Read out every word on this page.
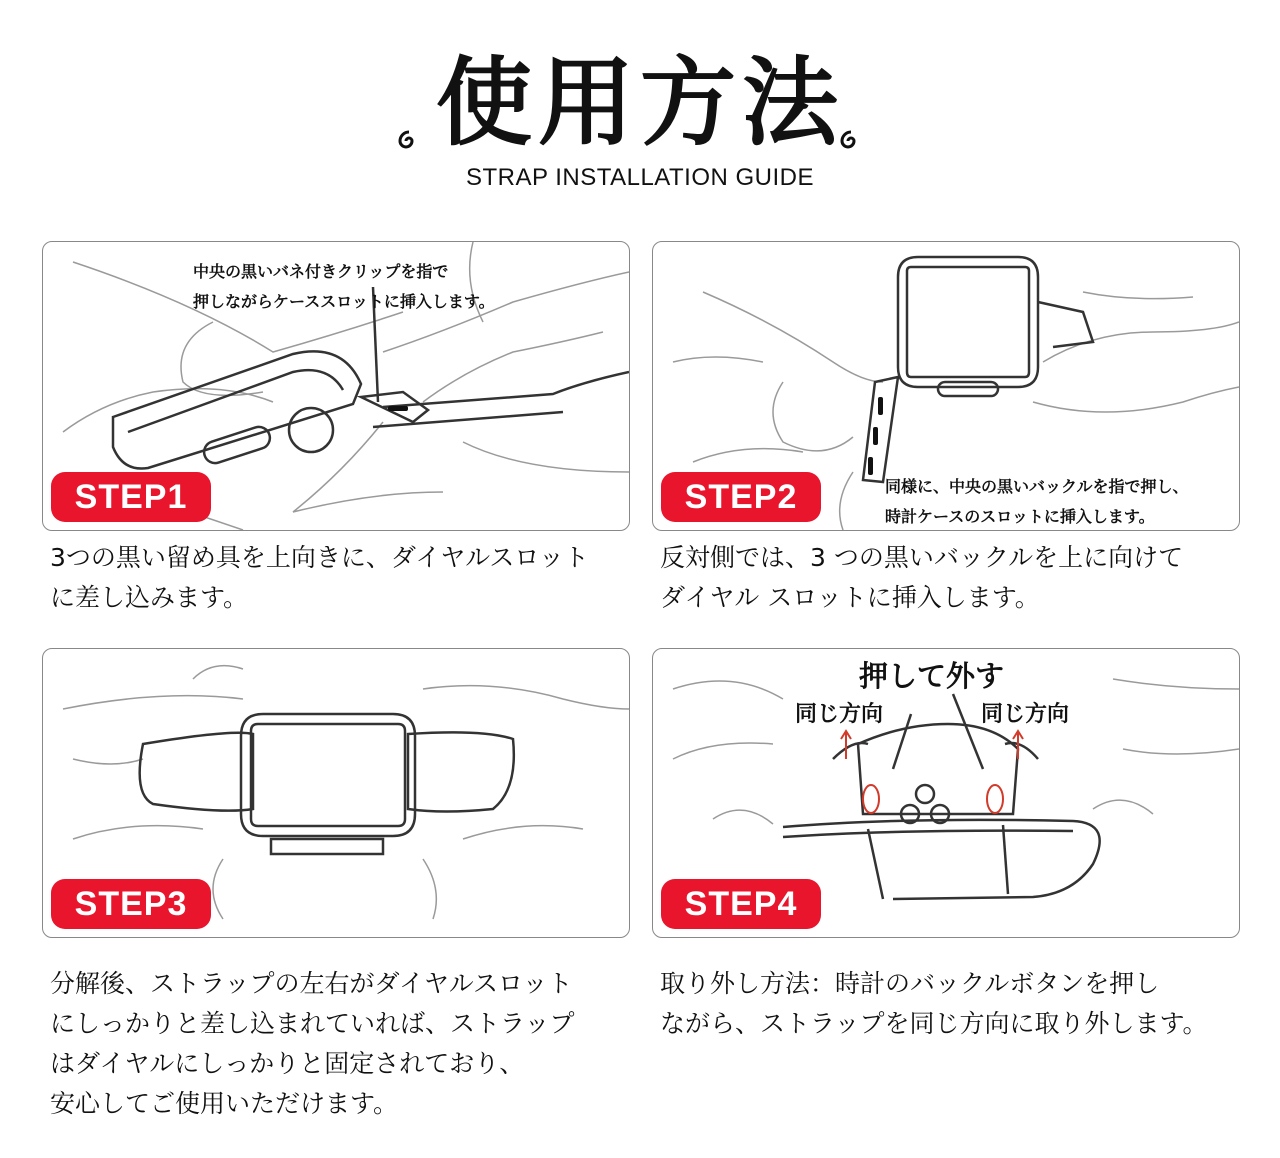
使用方法
STRAP INSTALLATION GUIDE
中央の黒いバネ付きクリップを指で
押しながらケーススロットに挿入します。
STEP1
3つの黒い留め具を上向きに、ダイヤルスロット
に差し込みます。
同様に、中央の黒いバックルを指で押し、
時計ケースのスロットに挿入します。
STEP2
反対側では、3 つの黒いバックルを上に向けて
ダイヤル スロットに挿入します。
STEP3
分解後、ストラップの左右がダイヤルスロット
にしっかりと差し込まれていれば、ストラップ
はダイヤルにしっかりと固定されており、
安心してご使用いただけます。
押して外す
同じ方向	同じ方向
STEP4
取り外し方法：時計のバックルボタンを押し
ながら、ストラップを同じ方向に取り外します。
